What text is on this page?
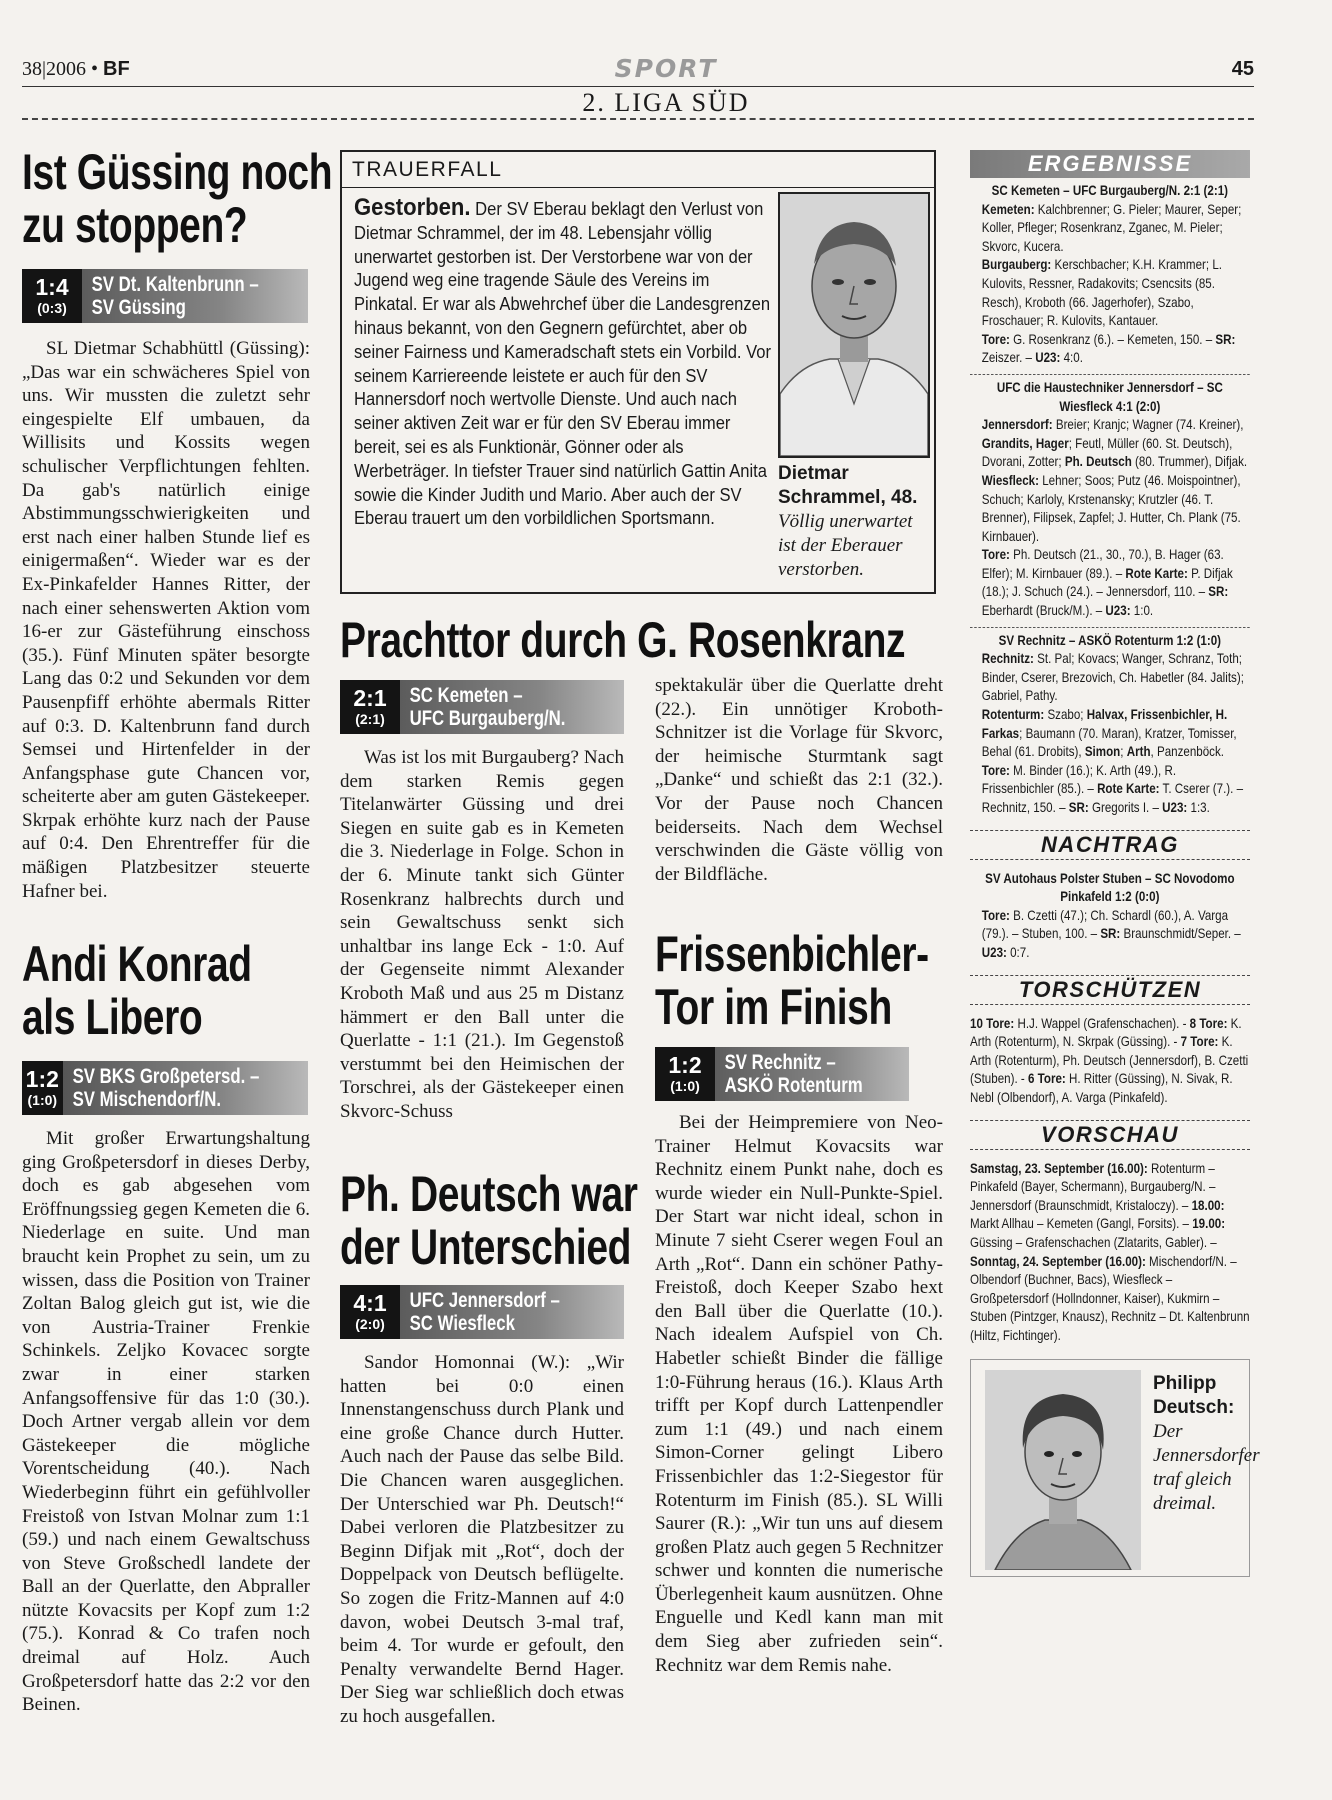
38|2006 • BF	SPORT	45
2. LIGA SÜD
Ist Güssing noch
zu stoppen?
1:4
(0:3)
SV Dt. Kaltenbrunn –
SV Güssing

SL Dietmar Schabhüttl (Güssing): „Das war ein schwächeres Spiel von uns. Wir mussten die zuletzt sehr eingespielte Elf umbauen, da Willisits und Kossits wegen schulischer Verpflichtungen fehlten. Da gab's natürlich einige Abstimmungsschwierigkeiten und erst nach einer halben Stunde lief es einigermaßen“. Wieder war es der Ex-Pinkafelder Hannes Ritter, der nach einer sehenswerten Aktion vom 16-er zur Gästeführung einschoss (35.). Fünf Minuten später besorgte Lang das 0:2 und Sekunden vor dem Pausenpfiff erhöhte abermals Ritter auf 0:3. D. Kaltenbrunn fand durch Semsei und Hirtenfelder in der Anfangsphase gute Chancen vor, scheiterte aber am guten Gästekeeper. Skrpak erhöhte kurz nach der Pause auf 0:4. Den Ehrentreffer für die mäßigen Platzbesitzer steuerte Hafner bei.

Andi Konrad
als Libero
1:2
(1:0)
SV BKS Großpetersd. –
SV Mischendorf/N.

Mit großer Erwartungshaltung ging Großpetersdorf in dieses Derby, doch es gab abgesehen vom Eröffnungssieg gegen Kemeten die 6. Niederlage en suite. Und man braucht kein Prophet zu sein, um zu wissen, dass die Position von Trainer Zoltan Balog gleich gut ist, wie die von Austria-Trainer Frenkie Schinkels. Zeljko Kovacec sorgte zwar in einer starken Anfangsoffensive für das 1:0 (30.). Doch Artner vergab allein vor dem Gästekeeper die mögliche Vorentscheidung (40.). Nach Wiederbeginn führt ein gefühlvoller Freistoß von Istvan Molnar zum 1:1 (59.) und nach einem Gewaltschuss von Steve Großschedl landete der Ball an der Querlatte, den Abpraller nützte Kovacsits per Kopf zum 1:2 (75.). Konrad & Co trafen noch dreimal auf Holz. Auch Großpetersdorf hatte das 2:2 vor den Beinen.

TRAUERFALL
Gestorben. Der SV Eberau beklagt den Verlust von Dietmar Schrammel, der im 48. Lebensjahr völlig unerwartet gestorben ist. Der Verstorbene war von der Jugend weg eine tragende Säule des Vereins im Pinkatal. Er war als Abwehrchef über die Landesgrenzen hinaus bekannt, von den Gegnern gefürchtet, aber ob seiner Fairness und Kameradschaft stets ein Vorbild. Vor seinem Karriereende leistete er auch für den SV Hannersdorf noch wertvolle Dienste. Und auch nach seiner aktiven Zeit war er für den SV Eberau immer bereit, sei es als Funktionär, Gönner oder als Werbeträger. In tiefster Trauer sind natürlich Gattin Anita sowie die Kinder Judith und Mario. Aber auch der SV Eberau trauert um den vorbildlichen Sportsmann.
Dietmar Schrammel, 48. Völlig unerwartet ist der Eberauer verstorben.
Prachttor durch G. Rosenkranz
2:1
(2:1)
SC Kemeten –
UFC Burgauberg/N.

Was ist los mit Burgauberg? Nach dem starken Remis gegen Titelanwärter Güssing und drei Siegen en suite gab es in Kemeten die 3. Niederlage in Folge. Schon in der 6. Minute tankt sich Günter Rosenkranz halbrechts durch und sein Gewaltschuss senkt sich unhaltbar ins lange Eck - 1:0. Auf der Gegenseite nimmt Alexander Kroboth Maß und aus 25 m Distanz hämmert er den Ball unter die Querlatte - 1:1 (21.). Im Gegenstoß verstummt bei den Heimischen der Torschrei, als der Gästekeeper einen Skvorc-Schuss

spektakulär über die Querlatte dreht (22.). Ein unnötiger Kroboth-Schnitzer ist die Vorlage für Skvorc, der heimische Sturmtank sagt „Danke“ und schießt das 2:1 (32.). Vor der Pause noch Chancen beiderseits. Nach dem Wechsel verschwinden die Gäste völlig von der Bildfläche.

Ph. Deutsch war
der Unterschied
4:1
(2:0)
UFC Jennersdorf –
SC Wiesfleck

Sandor Homonnai (W.): „Wir hatten bei 0:0 einen Innenstangenschuss durch Plank und eine große Chance durch Hutter. Auch nach der Pause das selbe Bild. Die Chancen waren ausgeglichen. Der Unterschied war Ph. Deutsch!“ Dabei verloren die Platzbesitzer zu Beginn Difjak mit „Rot“, doch der Doppelpack von Deutsch beflügelte. So zogen die Fritz-Mannen auf 4:0 davon, wobei Deutsch 3-mal traf, beim 4. Tor wurde er gefoult, den Penalty verwandelte Bernd Hager. Der Sieg war schließlich doch etwas zu hoch ausgefallen.

Frissenbichler-
Tor im Finish
1:2
(1:0)
SV Rechnitz –
ASKÖ Rotenturm

Bei der Heimpremiere von Neo-Trainer Helmut Kovacsits war Rechnitz einem Punkt nahe, doch es wurde wieder ein Null-Punkte-Spiel. Der Start war nicht ideal, schon in Minute 7 sieht Cserer wegen Foul an Arth „Rot“. Dann ein schöner Pathy-Freistoß, doch Keeper Szabo hext den Ball über die Querlatte (10.). Nach idealem Aufspiel von Ch. Habetler schießt Binder die fällige 1:0-Führung heraus (16.). Klaus Arth trifft per Kopf durch Lattenpendler zum 1:1 (49.) und nach einem Simon-Corner gelingt Libero Frissenbichler das 1:2-Siegestor für Rotenturm im Finish (85.). SL Willi Saurer (R.): „Wir tun uns auf diesem großen Platz auch gegen 5 Rechnitzer schwer und konnten die numerische Überlegenheit kaum ausnützen. Ohne Enguelle und Kedl kann man mit dem Sieg aber zufrieden sein“. Rechnitz war dem Remis nahe.

ERGEBNISSE
SC Kemeten – UFC Burgauberg/N. 2:1 (2:1)
Kemeten: Kalchbrenner; G. Pieler; Maurer, Seper; Koller, Pfleger; Rosenkranz, Zganec, M. Pieler; Skvorc, Kucera.
Burgauberg: Kerschbacher; K.H. Krammer; L. Kulovits, Ressner, Radakovits; Csencsits (85. Resch), Kroboth (66. Jagerhofer), Szabo, Froschauer; R. Kulovits, Kantauer.
Tore: G. Rosenkranz (6.). – Kemeten, 150. – SR: Zeiszer. – U23: 4:0.
UFC die Haustechniker Jennersdorf – SC Wiesfleck 4:1 (2:0)
Jennersdorf: Breier; Kranjc; Wagner (74. Kreiner), Grandits, Hager; Feutl, Müller (60. St. Deutsch), Dvorani, Zotter; Ph. Deutsch (80. Trummer), Difjak.
Wiesfleck: Lehner; Soos; Putz (46. Moispointner), Schuch; Karloly, Krstenansky; Krutzler (46. T. Brenner), Filipsek, Zapfel; J. Hutter, Ch. Plank (75. Kirnbauer).
Tore: Ph. Deutsch (21., 30., 70.), B. Hager (63. Elfer); M. Kirnbauer (89.). – Rote Karte: P. Difjak (18.); J. Schuch (24.). – Jennersdorf, 110. – SR: Eberhardt (Bruck/M.). – U23: 1:0.
SV Rechnitz – ASKÖ Rotenturm 1:2 (1:0)
Rechnitz: St. Pal; Kovacs; Wanger, Schranz, Toth; Binder, Cserer, Brezovich, Ch. Habetler (84. Jalits); Gabriel, Pathy.
Rotenturm: Szabo; Halvax, Frissenbichler, H. Farkas; Baumann (70. Maran), Kratzer, Tomisser, Behal (61. Drobits), Simon; Arth, Panzenböck.
Tore: M. Binder (16.); K. Arth (49.), R. Frissenbichler (85.). – Rote Karte: T. Cserer (7.). – Rechnitz, 150. – SR: Gregorits I. – U23: 1:3.
NACHTRAG
SV Autohaus Polster Stuben – SC Novodomo Pinkafeld 1:2 (0:0)
Tore: B. Czetti (47.); Ch. Schardl (60.), A. Varga (79.). – Stuben, 100. – SR: Braunschmidt/Seper. – U23: 0:7.
TORSCHÜTZEN
10 Tore: H.J. Wappel (Grafenschachen). - 8 Tore: K. Arth (Rotenturm), N. Skrpak (Güssing). - 7 Tore: K. Arth (Rotenturm), Ph. Deutsch (Jennersdorf), B. Czetti (Stuben). - 6 Tore: H. Ritter (Güssing), N. Sivak, R. Nebl (Olbendorf), A. Varga (Pinkafeld).
VORSCHAU
Samstag, 23. September (16.00): Rotenturm – Pinkafeld (Bayer, Schermann), Burgauberg/N. – Jennersdorf (Braunschmidt, Kristaloczy). – 18.00: Markt Allhau – Kemeten (Gangl, Forsits). – 19.00: Güssing – Grafenschachen (Zlatarits, Gabler). – Sonntag, 24. September (16.00): Mischendorf/N. – Olbendorf (Buchner, Bacs), Wiesfleck – Großpetersdorf (Hollndonner, Kaiser), Kukmirn – Stuben (Pintzger, Knausz), Rechnitz – Dt. Kaltenbrunn (Hiltz, Fichtinger).
Philipp Deutsch: Der Jennersdorfer traf gleich dreimal.
